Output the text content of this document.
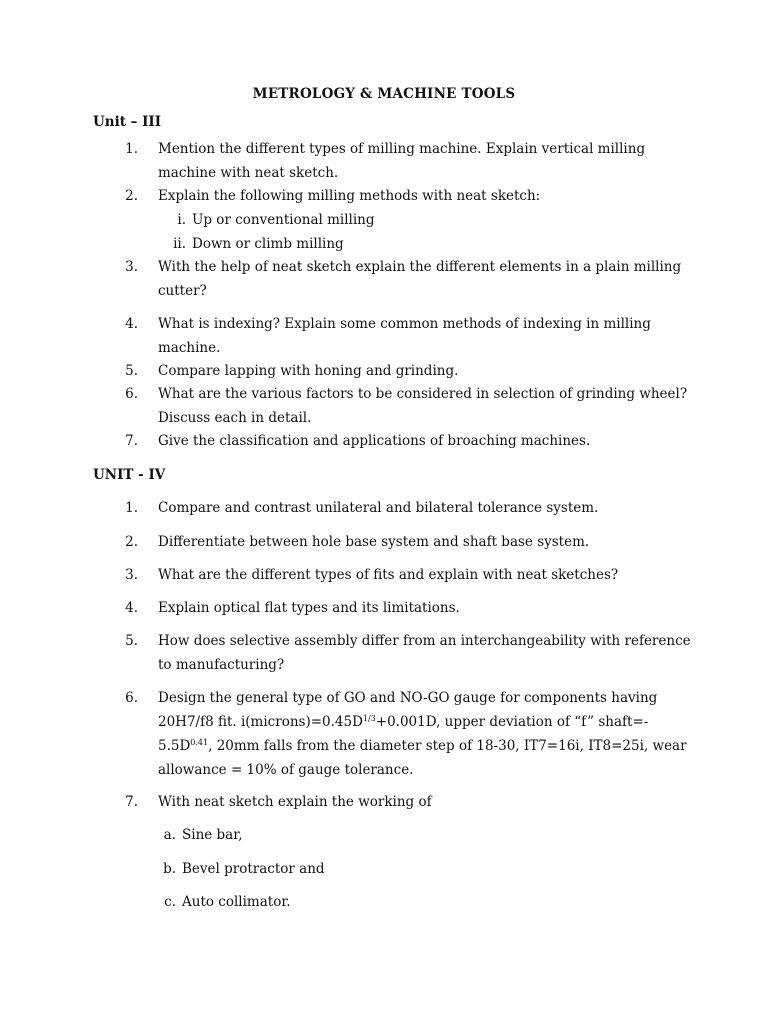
METROLOGY & MACHINE TOOLS
Unit – III
1. Mention the different types of milling machine. Explain vertical milling
machine with neat sketch.
2. Explain the following milling methods with neat sketch:
i. Up or conventional milling
ii. Down or climb milling
3. With the help of neat sketch explain the different elements in a plain milling
cutter?
4. What is indexing? Explain some common methods of indexing in milling
machine.
5. Compare lapping with honing and grinding.
6. What are the various factors to be considered in selection of grinding wheel?
Discuss each in detail.
7. Give the classification and applications of broaching machines.
UNIT - IV
1. Compare and contrast unilateral and bilateral tolerance system.
2. Differentiate between hole base system and shaft base system.
3. What are the different types of fits and explain with neat sketches?
4. Explain optical flat types and its limitations.
5. How does selective assembly differ from an interchangeability with reference
to manufacturing?
6. Design the general type of GO and NO-GO gauge for components having
20H7/f8 fit. $i(microns)=0.45D^{1/3}+0.001D$, upper deviation of “f” shaft=-
$5.5D^{0.41}$, 20mm falls from the diameter step of 18-30, IT7=16i, IT8=25i, wear
allowance = 10% of gauge tolerance.
7. With neat sketch explain the working of
a. Sine bar,
b. Bevel protractor and
c. Auto collimator.
